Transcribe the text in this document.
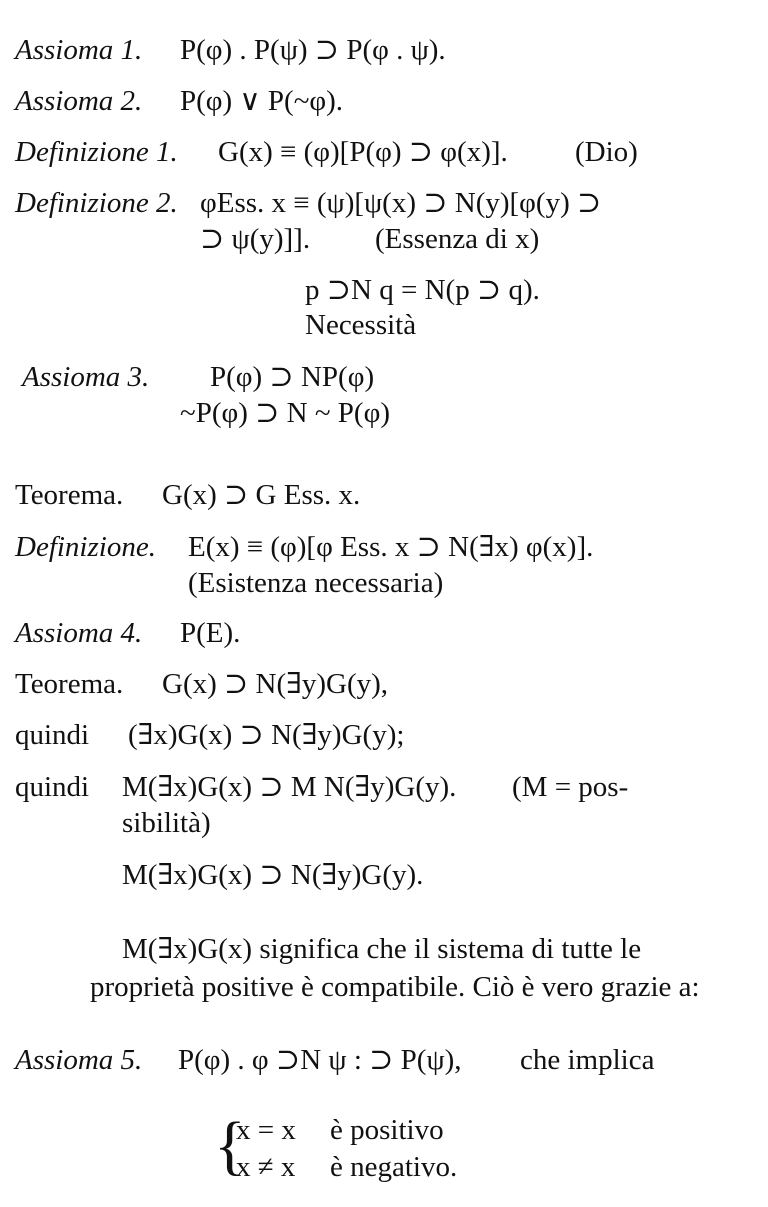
Assioma 1. P(φ) . P(ψ) ⊃ P(φ . ψ).
Assioma 2. P(φ) ∨ P(~φ).
Definizione 1. G(x) ≡ (φ)[P(φ) ⊃ φ(x)]. (Dio)
Definizione 2. φEss. x ≡ (ψ)[ψ(x) ⊃ N(y)[φ(y) ⊃
⊃ ψ(y)]]. (Essenza di x)
p ⊃N q = N(p ⊃ q).
Necessità
Assioma 3. P(φ) ⊃ NP(φ)
~P(φ) ⊃ N ~ P(φ)
Teorema. G(x) ⊃ G Ess. x.
Definizione. E(x) ≡ (φ)[φ Ess. x ⊃ N(∃x) φ(x)].
(Esistenza necessaria)
Assioma 4. P(E).
Teorema. G(x) ⊃ N(∃y)G(y),
quindi (∃x)G(x) ⊃ N(∃y)G(y);
quindi M(∃x)G(x) ⊃ M N(∃y)G(y). (M = pos-
sibilità)
M(∃x)G(x) ⊃ N(∃y)G(y).
M(∃x)G(x) significa che il sistema di tutte le
proprietà positive è compatibile. Ciò è vero grazie a:
Assioma 5. P(φ) . φ ⊃N ψ : ⊃ P(ψ), che implica
{
x = x è positivo
x ≠ x è negativo.
